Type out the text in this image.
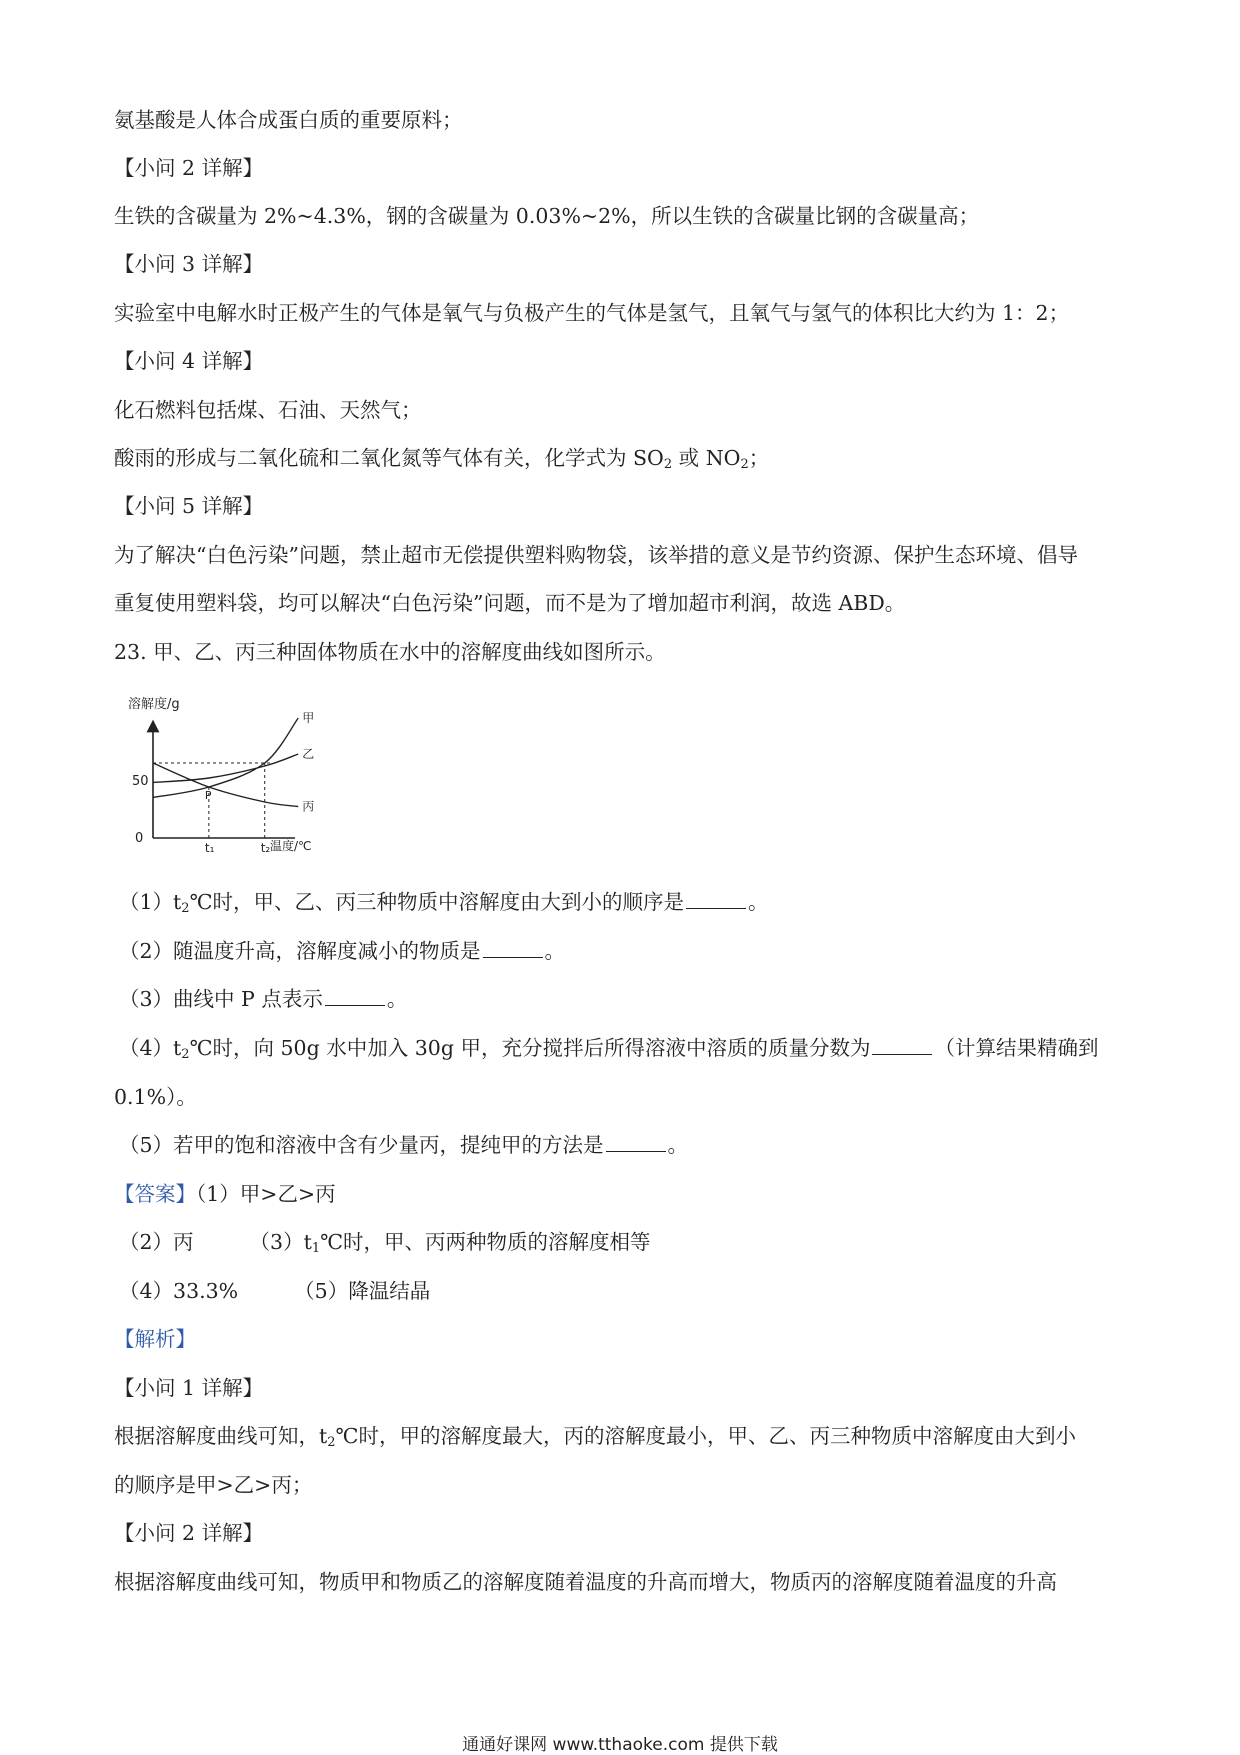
氨基酸是人体合成蛋白质的重要原料；
【小问 2 详解】
生铁的含碳量为 2%~4.3%，钢的含碳量为 0.03%~2%，所以生铁的含碳量比钢的含碳量高；
【小问 3 详解】
实验室中电解水时正极产生的气体是氧气与负极产生的气体是氢气，且氧气与氢气的体积比大约为 1：2；
【小问 4 详解】
化石燃料包括煤、石油、天然气；
酸雨的形成与二氧化硫和二氧化氮等气体有关，化学式为 $SO_2$ 或 $NO_2$；
【小问 5 详解】
为了解决“白色污染”问题，禁止超市无偿提供塑料购物袋，该举措的意义是节约资源、保护生态环境、倡导
重复使用塑料袋，均可以解决“白色污染”问题，而不是为了增加超市利润，故选 ABD。
23. 甲、乙、丙三种固体物质在水中的溶解度曲线如图所示。
溶解度/g
0
50
t₁	t₂ 温度/℃
甲
乙
丙
P
$(1)t_2℃$时，甲、乙、丙三种物质中溶解度由大到小的顺序是	。
（2）随温度升高，溶解度减小的物质是	。
（3）曲线中 P 点表示	。
$(4)t_2℃$时，向 50g 水中加入 30g 甲，充分搅拌后所得溶液中溶质的质量分数为	（计算结果精确到
0.1%）。
（5）若甲的饱和溶液中含有少量丙，提纯甲的方法是	。
【答案】（1）甲>乙>丙
（2）丙	$(3)t_1℃$时，甲、丙两种物质的溶解度相等
（4）33.3%	（5）降温结晶
【解析】
【小问 1 详解】
根据溶解度曲线可知，$t_2℃$时，甲的溶解度最大，丙的溶解度最小，甲、乙、丙三种物质中溶解度由大到小
的顺序是甲>乙>丙；
【小问 2 详解】
根据溶解度曲线可知，物质甲和物质乙的溶解度随着温度的升高而增大，物质丙的溶解度随着温度的升高
通通好课网 www.tthaoke.com 提供下载
